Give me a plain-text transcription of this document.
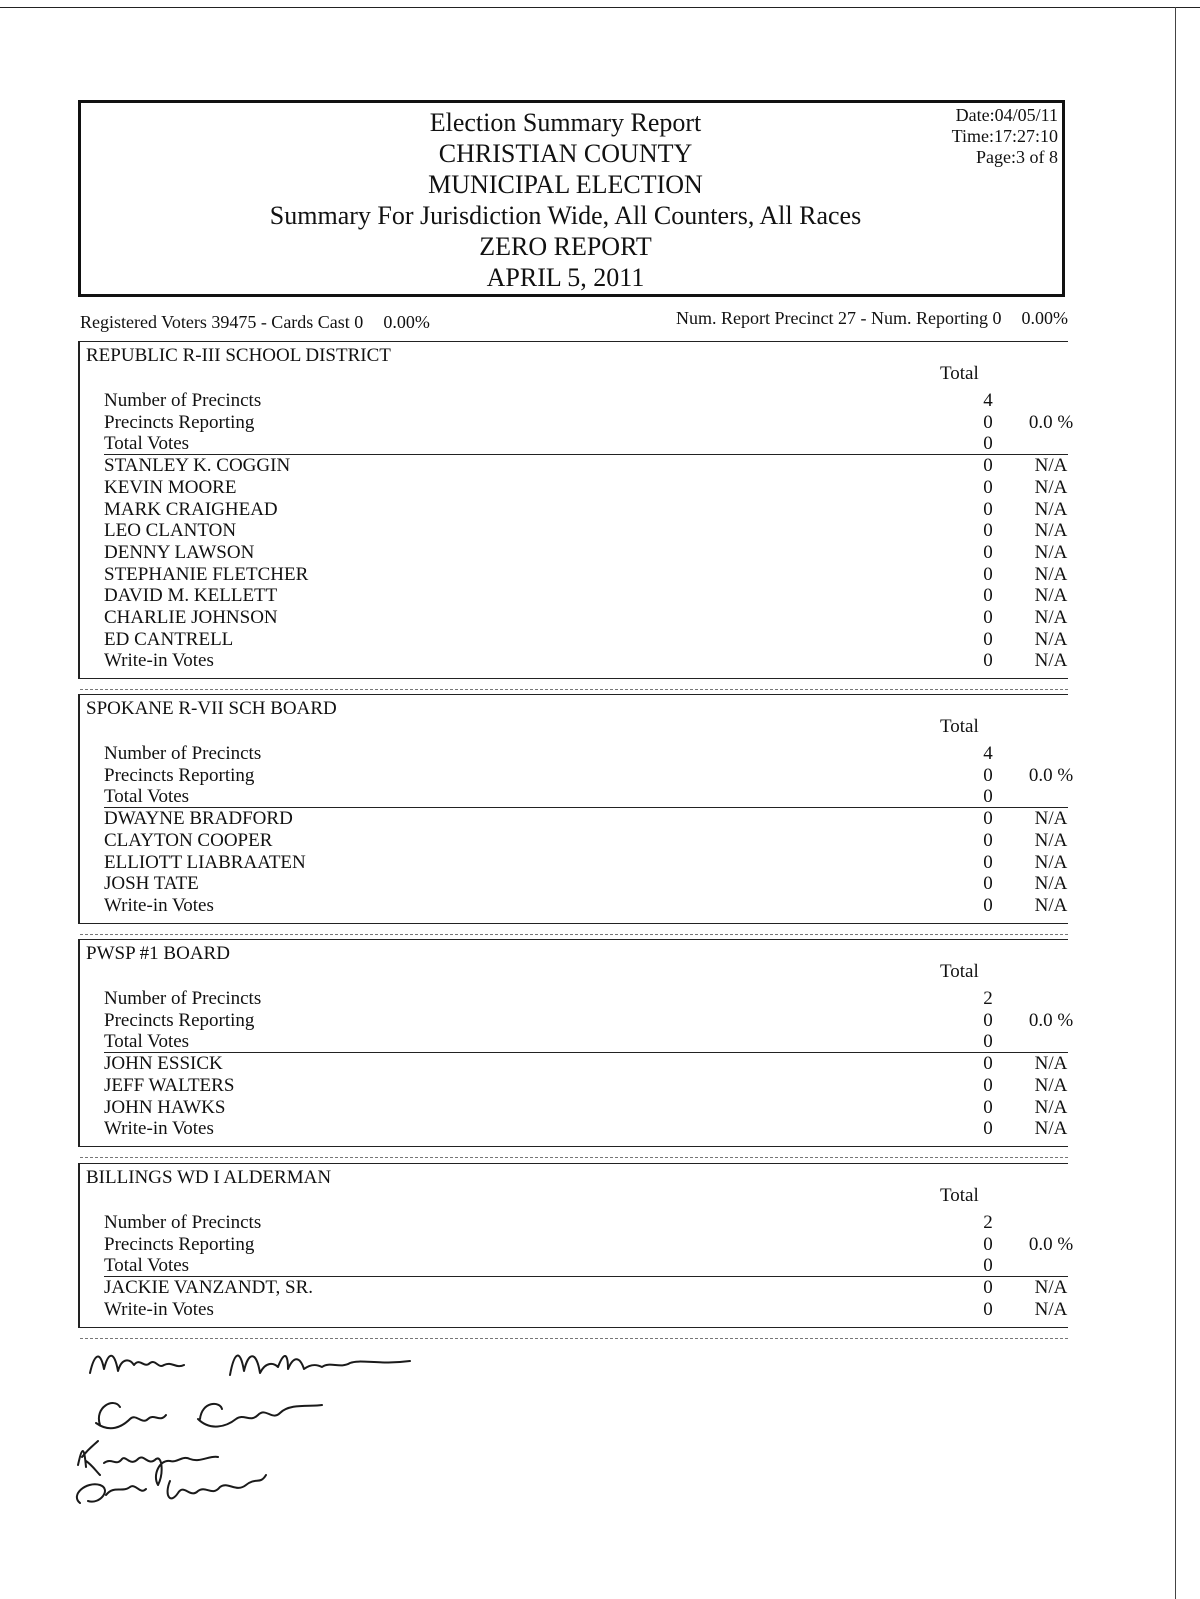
Election Summary Report
CHRISTIAN COUNTY
MUNICIPAL ELECTION
Summary For Jurisdiction Wide, All Counters, All Races
ZERO REPORT
APRIL 5, 2011
Date:04/05/11
Time:17:27:10
Page:3 of 8
Registered Voters 39475 - Cards Cast 0 0.00%	Num. Report Precinct 27 - Num. Reporting 0 0.00%
REPUBLIC R-III SCHOOL DISTRICT
Total
Number of Precincts	4
Precincts Reporting	0	0.0 %
Total Votes	0
STANLEY K. COGGIN	0	N/A
KEVIN MOORE	0	N/A
MARK CRAIGHEAD	0	N/A
LEO CLANTON	0	N/A
DENNY LAWSON	0	N/A
STEPHANIE FLETCHER	0	N/A
DAVID M. KELLETT	0	N/A
CHARLIE JOHNSON	0	N/A
ED CANTRELL	0	N/A
Write-in Votes	0	N/A
SPOKANE R-VII SCH BOARD
Total
Number of Precincts	4
Precincts Reporting	0	0.0 %
Total Votes	0
DWAYNE BRADFORD	0	N/A
CLAYTON COOPER	0	N/A
ELLIOTT LIABRAATEN	0	N/A
JOSH TATE	0	N/A
Write-in Votes	0	N/A
PWSP #1 BOARD
Total
Number of Precincts	2
Precincts Reporting	0	0.0 %
Total Votes	0
JOHN ESSICK	0	N/A
JEFF WALTERS	0	N/A
JOHN HAWKS	0	N/A
Write-in Votes	0	N/A
BILLINGS WD I ALDERMAN
Total
Number of Precincts	2
Precincts Reporting	0	0.0 %
Total Votes	0
JACKIE VANZANDT, SR.	0	N/A
Write-in Votes	0	N/A
